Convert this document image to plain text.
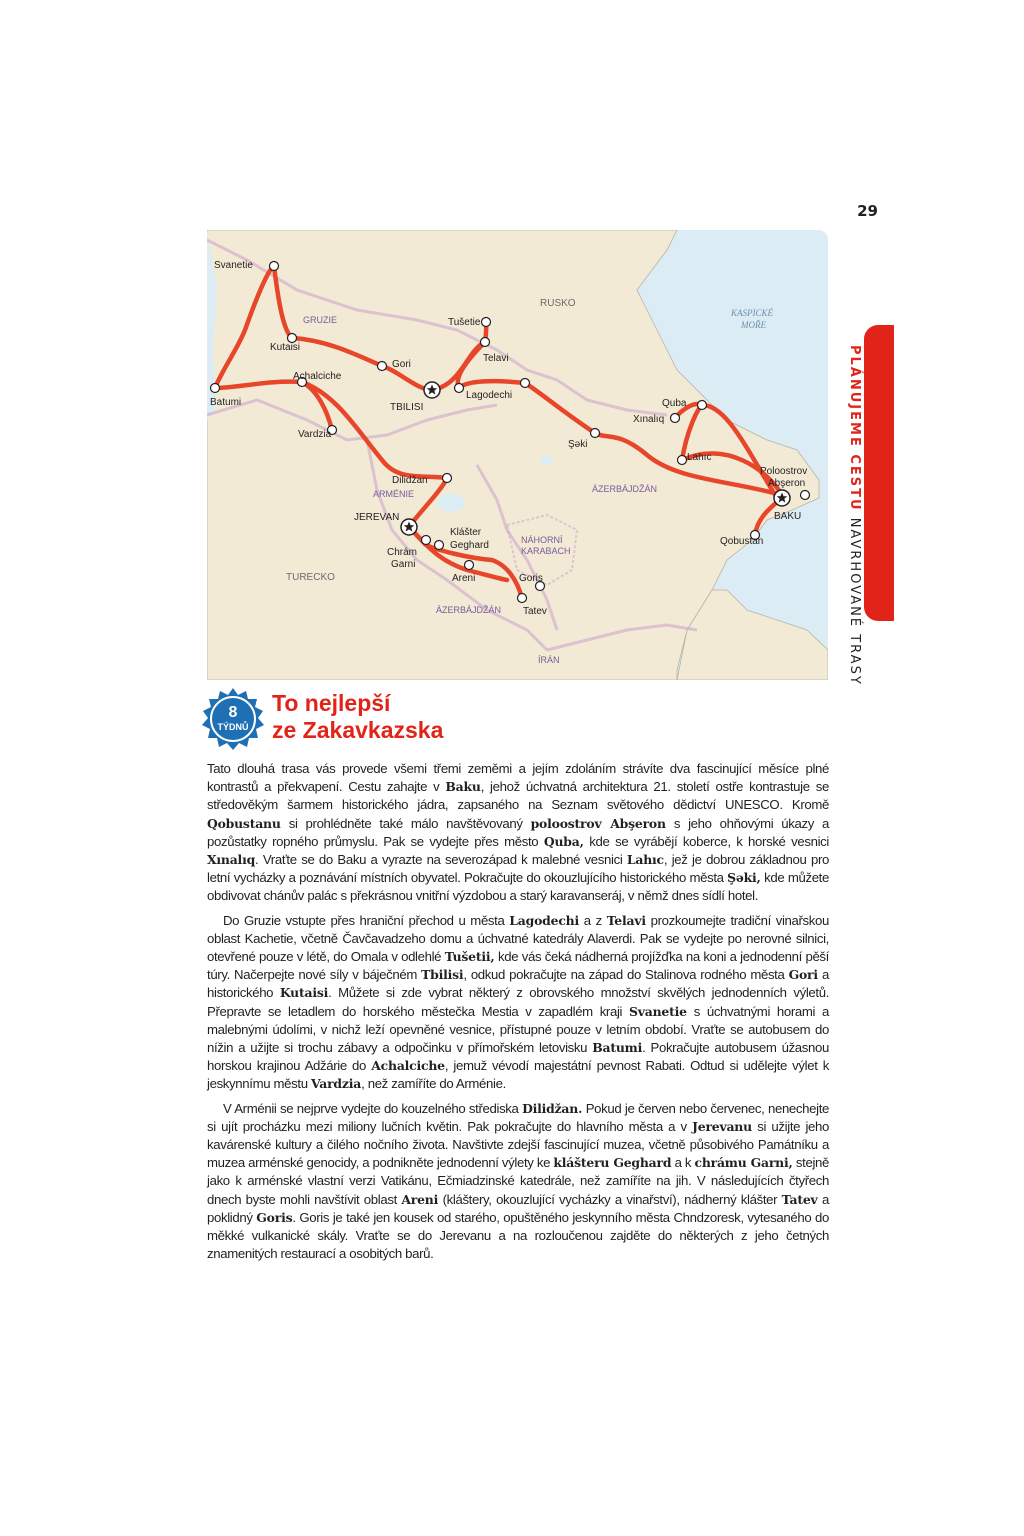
29
PLÁNUJEME CESTU NAVRHOVANÉ TRASY
RUSKO
GRUZIE
ARMÉNIE	ÁZERBÁJDŽÁN
ÁZERBÁJDŽÁN
NÁHORNÍ
KARABACH
TURECKO
ÍRÁN
KASPICKÉ
MOŘE
Svanetie
Kutaisi
Gori
TBILISI
Tušetie
Telavi
Lagodechi
Batumi
Achalciche
Vardzia
Dilidžan
JEREVAN
Klášter
Geghard
Chrám
Garni
Areni	Goris
Tatev
Şəki
Xınalıq
Quba
Lahıc
Poloostrov
Abşeron
BAKU
Qobustan
8
TÝDNŮ
To nejlepší
ze Zakavkazska

Tato dlouhá trasa vás provede všemi třemi zeměmi a jejím zdoláním strávíte dva fascinující měsíce plné kontrastů a překvapení. Cestu zahajte v Baku, jehož úchvatná architektura 21. století ostře kontrastuje se středověkým šarmem historického jádra, zapsaného na Seznam světového dědictví UNESCO. Kromě Qobustanu si prohlédněte také málo navštěvovaný poloostrov Abşeron s jeho ohňovými úkazy a pozůstatky ropného průmyslu. Pak se vydejte přes město Quba, kde se vyrábějí koberce, k horské vesnici Xınalıq. Vraťte se do Baku a vyrazte na severozápad k malebné vesnici Lahıc, jež je dobrou základnou pro letní vycházky a poznávání místních obyvatel. Pokračujte do okouzlujícího historického města Şəki, kde můžete obdivovat chánův palác s překrásnou vnitřní výzdobou a starý karavanseráj, v němž dnes sídlí hotel.

Do Gruzie vstupte přes hraniční přechod u města Lagodechi a z Telavi prozkoumejte tradiční vinařskou oblast Kachetie, včetně Čavčavadzeho domu a úchvatné katedrály Alaverdi. Pak se vydejte po nerovné silnici, otevřené pouze v létě, do Omala v odlehlé Tušetii, kde vás čeká nádherná projížďka na koni a jednodenní pěší túry. Načerpejte nové síly v báječném Tbilisi, odkud pokračujte na západ do Stalinova rodného města Gori a historického Kutaisi. Můžete si zde vybrat některý z obrovského množství skvělých jednodenních výletů. Přepravte se letadlem do horského městečka Mestia v zapadlém kraji Svanetie s úchvatnými horami a malebnými údolími, v nichž leží opevněné vesnice, přístupné pouze v letním období. Vraťte se autobusem do nížin a užijte si trochu zábavy a odpočinku v přímořském letovisku Batumi. Pokračujte autobusem úžasnou horskou krajinou Adžárie do Achalciche, jemuž vévodí majestátní pevnost Rabati. Odtud si udělejte výlet k jeskynnímu městu Vardzia, než zamíříte do Arménie.

V Arménii se nejprve vydejte do kouzelného střediska Dilidžan. Pokud je červen nebo červenec, nenechejte si ujít procházku mezi miliony lučních květin. Pak pokračujte do hlavního města a v Jerevanu si užijte jeho kavárenské kultury a čilého nočního života. Navštivte zdejší fascinující muzea, včetně působivého Památníku a muzea arménské genocidy, a podnikněte jednodenní výlety ke klášteru Geghard a k chrámu Garni, stejně jako k arménské vlastní verzi Vatikánu, Ečmiadzinské katedrále, než zamíříte na jih. V následujících čtyřech dnech byste mohli navštívit oblast Areni (kláštery, okouzlující vycházky a vinařství), nádherný klášter Tatev a poklidný Goris. Goris je také jen kousek od starého, opuštěného jeskynního města Chndzoresk, vytesaného do měkké vulkanické skály. Vraťte se do Jerevanu a na rozloučenou zajděte do některých z jeho četných znamenitých restaurací a osobitých barů.
